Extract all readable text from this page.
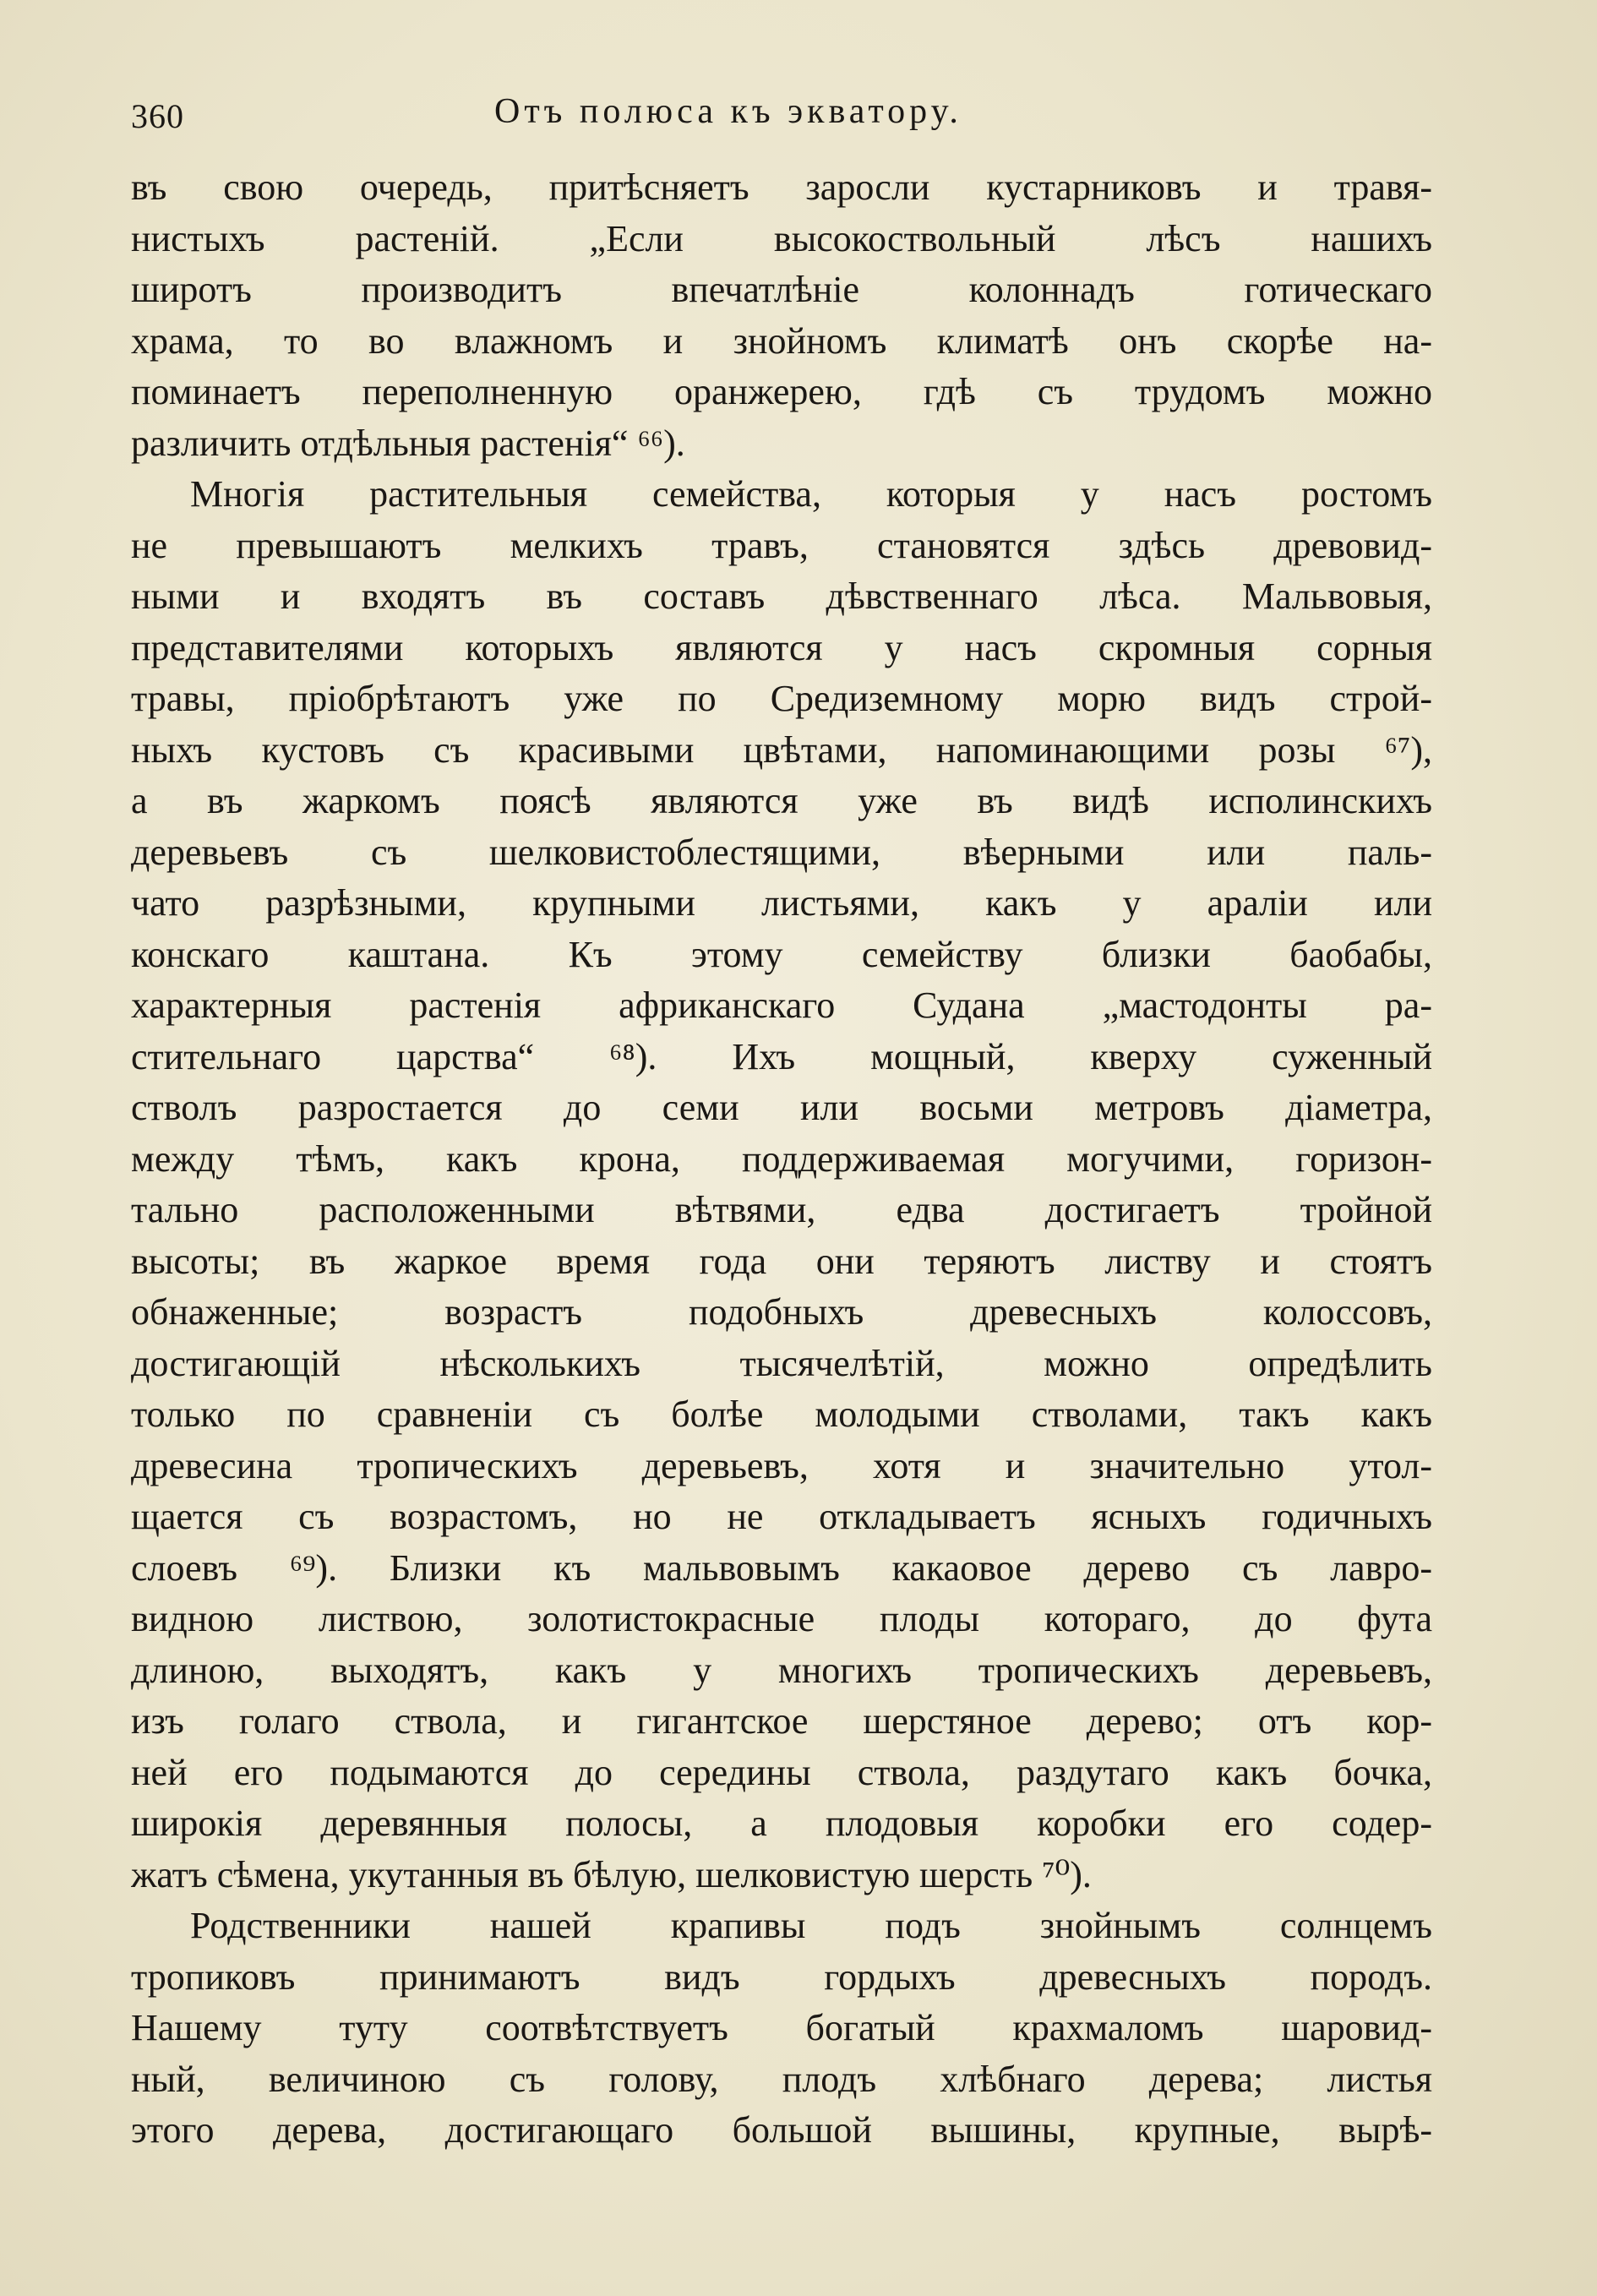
360	Отъ полюса къ экватору.
въ свою очередь, притѣсняетъ заросли кустарниковъ и травя-
нистыхъ растеній. „Если высокоствольный лѣсъ нашихъ
широтъ производитъ впечатлѣніе колоннадъ готическаго
храма, то во влажномъ и знойномъ климатѣ онъ скорѣе на-
поминаетъ переполненную оранжерею, гдѣ съ трудомъ можно
различить отдѣльныя растенія“ ⁶⁶).
Многія растительныя семейства, которыя у насъ ростомъ
не превышаютъ мелкихъ травъ, становятся здѣсь древовид-
ными и входятъ въ составъ дѣвственнаго лѣса. Мальвовыя,
представителями которыхъ являются у насъ скромныя сорныя
травы, пріобрѣтаютъ уже по Средиземному морю видъ строй-
ныхъ кустовъ съ красивыми цвѣтами, напоминающими розы ⁶⁷),
а въ жаркомъ поясѣ являются уже въ видѣ исполинскихъ
деревьевъ съ шелковистоблестящими, вѣерными или паль-
чато разрѣзными, крупными листьями, какъ у араліи или
конскаго каштана. Къ этому семейству близки баобабы,
характерныя растенія африканскаго Судана „мастодонты ра-
стительнаго царства“ ⁶⁸). Ихъ мощный, кверху суженный
стволъ разростается до семи или восьми метровъ діаметра,
между тѣмъ, какъ крона, поддерживаемая могучими, горизон-
тально расположенными вѣтвями, едва достигаетъ тройной
высоты; въ жаркое время года они теряютъ листву и стоятъ
обнаженные; возрастъ подобныхъ древесныхъ колоссовъ,
достигающій нѣсколькихъ тысячелѣтій, можно опредѣлить
только по сравненіи съ болѣе молодыми стволами, такъ какъ
древесина тропическихъ деревьевъ, хотя и значительно утол-
щается съ возрастомъ, но не откладываетъ ясныхъ годичныхъ
слоевъ ⁶⁹). Близки къ мальвовымъ какаовое дерево съ лавро-
видною листвою, золотистокрасные плоды котораго, до фута
длиною, выходятъ, какъ у многихъ тропическихъ деревьевъ,
изъ голаго ствола, и гигантское шерстяное дерево; отъ кор-
ней его подымаются до середины ствола, раздутаго какъ бочка,
широкія деревянныя полосы, а плодовыя коробки его содер-
жатъ сѣмена, укутанныя въ бѣлую, шелковистую шерсть ⁷⁰).
Родственники нашей крапивы подъ знойнымъ солнцемъ
тропиковъ принимаютъ видъ гордыхъ древесныхъ породъ.
Нашему туту соотвѣтствуетъ богатый крахмаломъ шаровид-
ный, величиною съ голову, плодъ хлѣбнаго дерева; листья
этого дерева, достигающаго большой вышины, крупные, вырѣ-
